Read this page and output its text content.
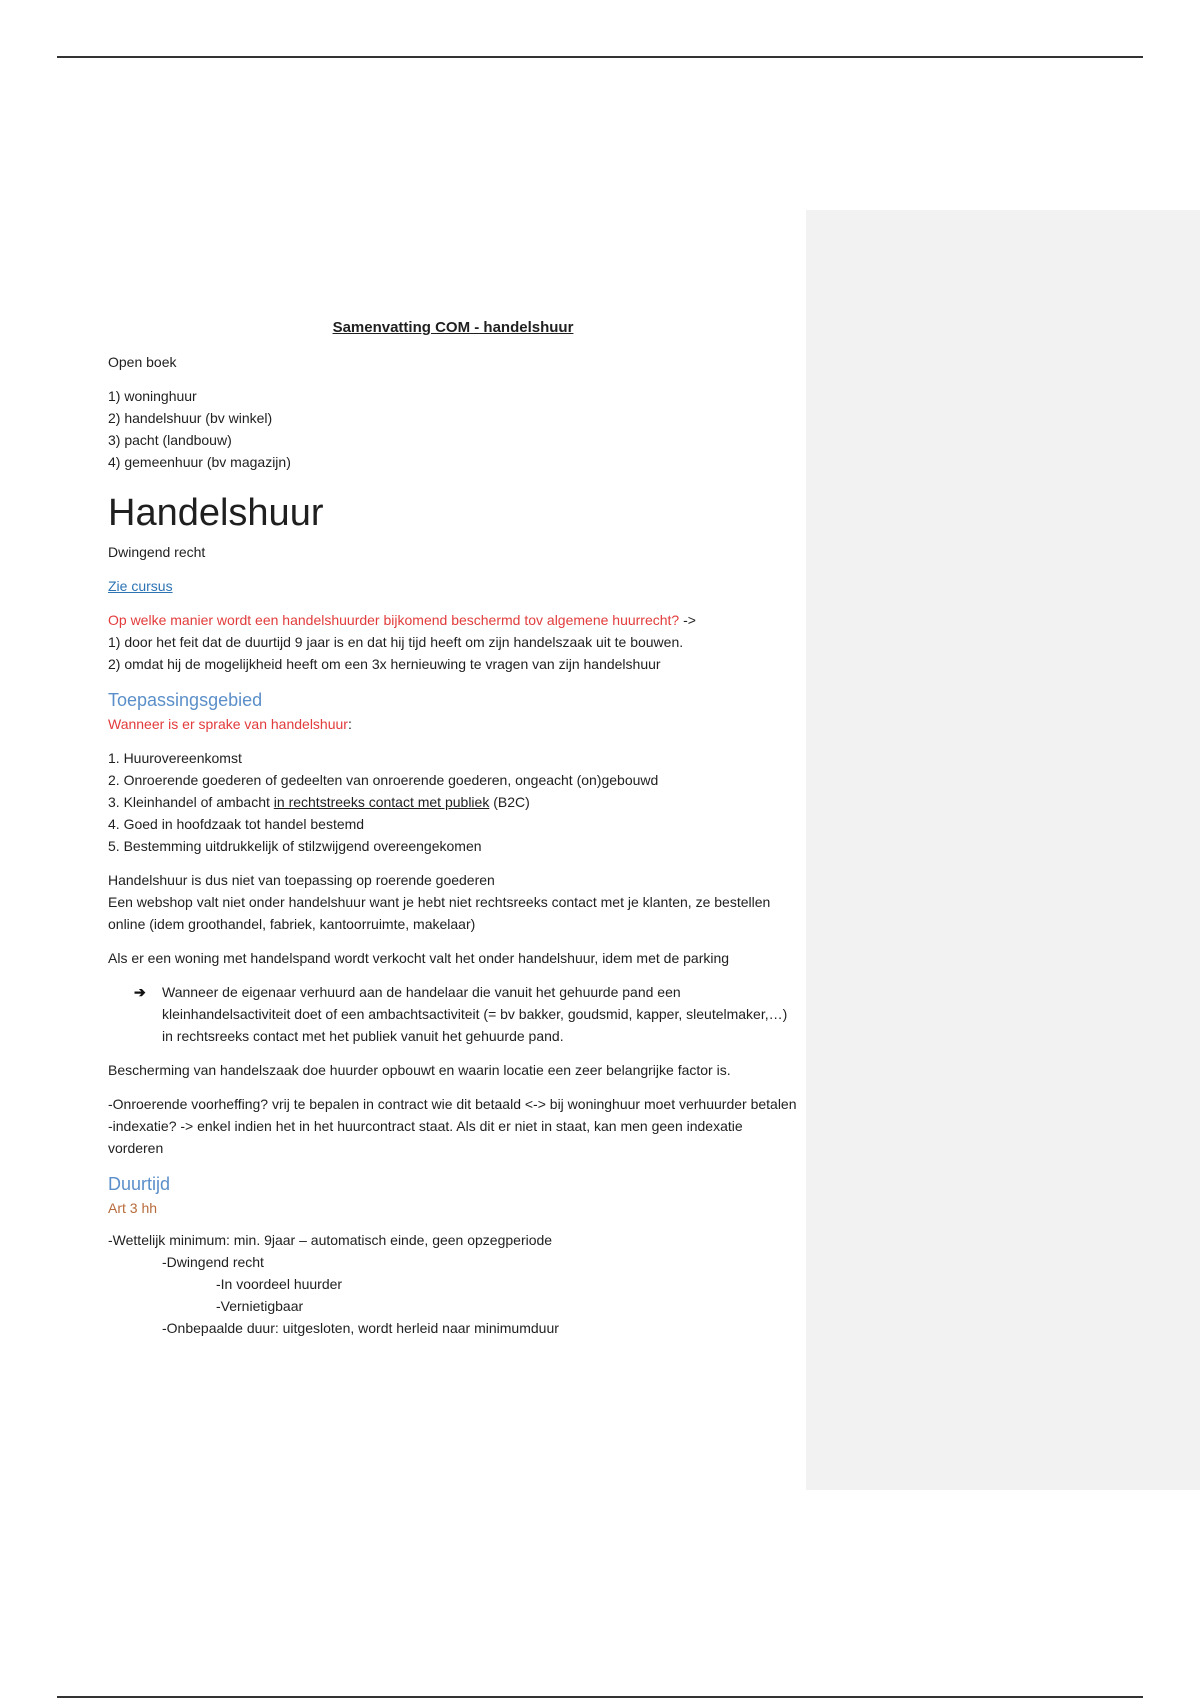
Samenvatting COM - handelshuur

Open boek

1) woninghuur
2) handelshuur (bv winkel)
3) pacht (landbouw)
4) gemeenhuur (bv magazijn)
Handelshuur

Dwingend recht

Zie cursus

Op welke manier wordt een handelshuurder bijkomend beschermd tov algemene huurrecht? ->
1) door het feit dat de duurtijd 9 jaar is en dat hij tijd heeft om zijn handelszaak uit te bouwen.
2) omdat hij de mogelijkheid heeft om een 3x hernieuwing te vragen van zijn handelshuur

Toepassingsgebied

Wanneer is er sprake van handelshuur:

1. Huurovereenkomst
2. Onroerende goederen of gedeelten van onroerende goederen, ongeacht (on)gebouwd
3. Kleinhandel of ambacht in rechtstreeks contact met publiek (B2C)
4. Goed in hoofdzaak tot handel bestemd
5. Bestemming uitdrukkelijk of stilzwijgend overeengekomen

Handelshuur is dus niet van toepassing op roerende goederen
Een webshop valt niet onder handelshuur want je hebt niet rechtsreeks contact met je klanten, ze bestellen online (idem groothandel, fabriek, kantoorruimte, makelaar)

Als er een woning met handelspand wordt verkocht valt het onder handelshuur, idem met de parking

➔ Wanneer de eigenaar verhuurd aan de handelaar die vanuit het gehuurde pand een kleinhandelsactiviteit doet of een ambachtsactiviteit (= bv bakker, goudsmid, kapper, sleutelmaker,…) in rechtsreeks contact met het publiek vanuit het gehuurde pand.

Bescherming van handelszaak doe huurder opbouwt en waarin locatie een zeer belangrijke factor is.

-Onroerende voorheffing? vrij te bepalen in contract wie dit betaald <-> bij woninghuur moet verhuurder betalen
-indexatie? -> enkel indien het in het huurcontract staat. Als dit er niet in staat, kan men geen indexatie vorderen

Duurtijd

Art 3 hh

-Wettelijk minimum: min. 9jaar – automatisch einde, geen opzegperiode
-Dwingend recht
-In voordeel huurder
-Vernietigbaar
-Onbepaalde duur: uitgesloten, wordt herleid naar minimumduur
